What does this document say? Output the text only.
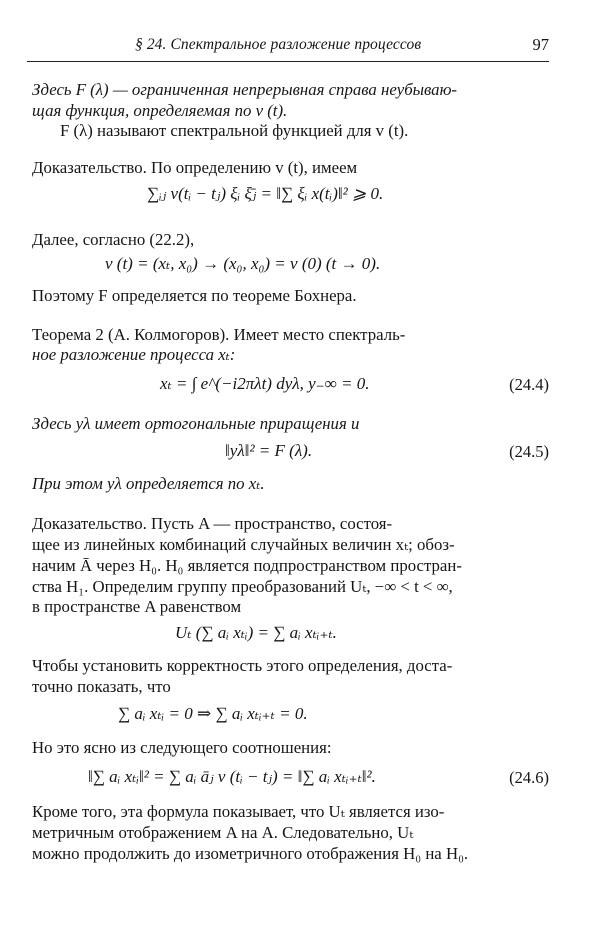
§ 24. Спектральное разложение процессов	97
Здесь F (λ) — ограниченная непрерывная справа неубываю-
щая функция, определяемая по v (t).
F (λ) называют спектральной функцией для v (t).
Доказательство. По определению v (t), имеем
∑ᵢⱼ v(tᵢ − tⱼ) ξᵢ ξ̄ⱼ = ‖∑ ξᵢ x(tᵢ)‖² ⩾ 0.
Далее, согласно (22.2),
v (t) = (xₜ, x₀) → (x₀, x₀) = v (0) (t → 0).
Поэтому F определяется по теореме Бохнера.
Теорема 2 (А. Колмогоров). Имеет место спектраль-
ное разложение процесса xₜ:
xₜ = ∫ e^(−i2πλt) dyλ, y₋∞ = 0.	(24.4)
Здесь yλ имеет ортогональные приращения и
‖yλ‖² = F (λ).	(24.5)
При этом yλ определяется по xₜ.
Доказательство. Пусть A — пространство, состоя-
щее из линейных комбинаций случайных величин xₜ; обоз-
начим Ā через H₀. H₀ является подпространством простран-
ства H₁. Определим группу преобразований Uₜ, −∞ < t < ∞,
в пространстве A равенством
Uₜ (∑ aᵢ xₜᵢ) = ∑ aᵢ xₜᵢ₊ₜ.
Чтобы установить корректность этого определения, доста-
точно показать, что
∑ aᵢ xₜᵢ = 0 ⇒ ∑ aᵢ xₜᵢ₊ₜ = 0.
Но это ясно из следующего соотношения:
‖∑ aᵢ xₜᵢ‖² = ∑ aᵢ āⱼ v (tᵢ − tⱼ) = ‖∑ aᵢ xₜᵢ₊ₜ‖².	(24.6)
Кроме того, эта формула показывает, что Uₜ является изо-
метричным отображением A на A. Следовательно, Uₜ
можно продолжить до изометричного отображения H₀ на H₀.
